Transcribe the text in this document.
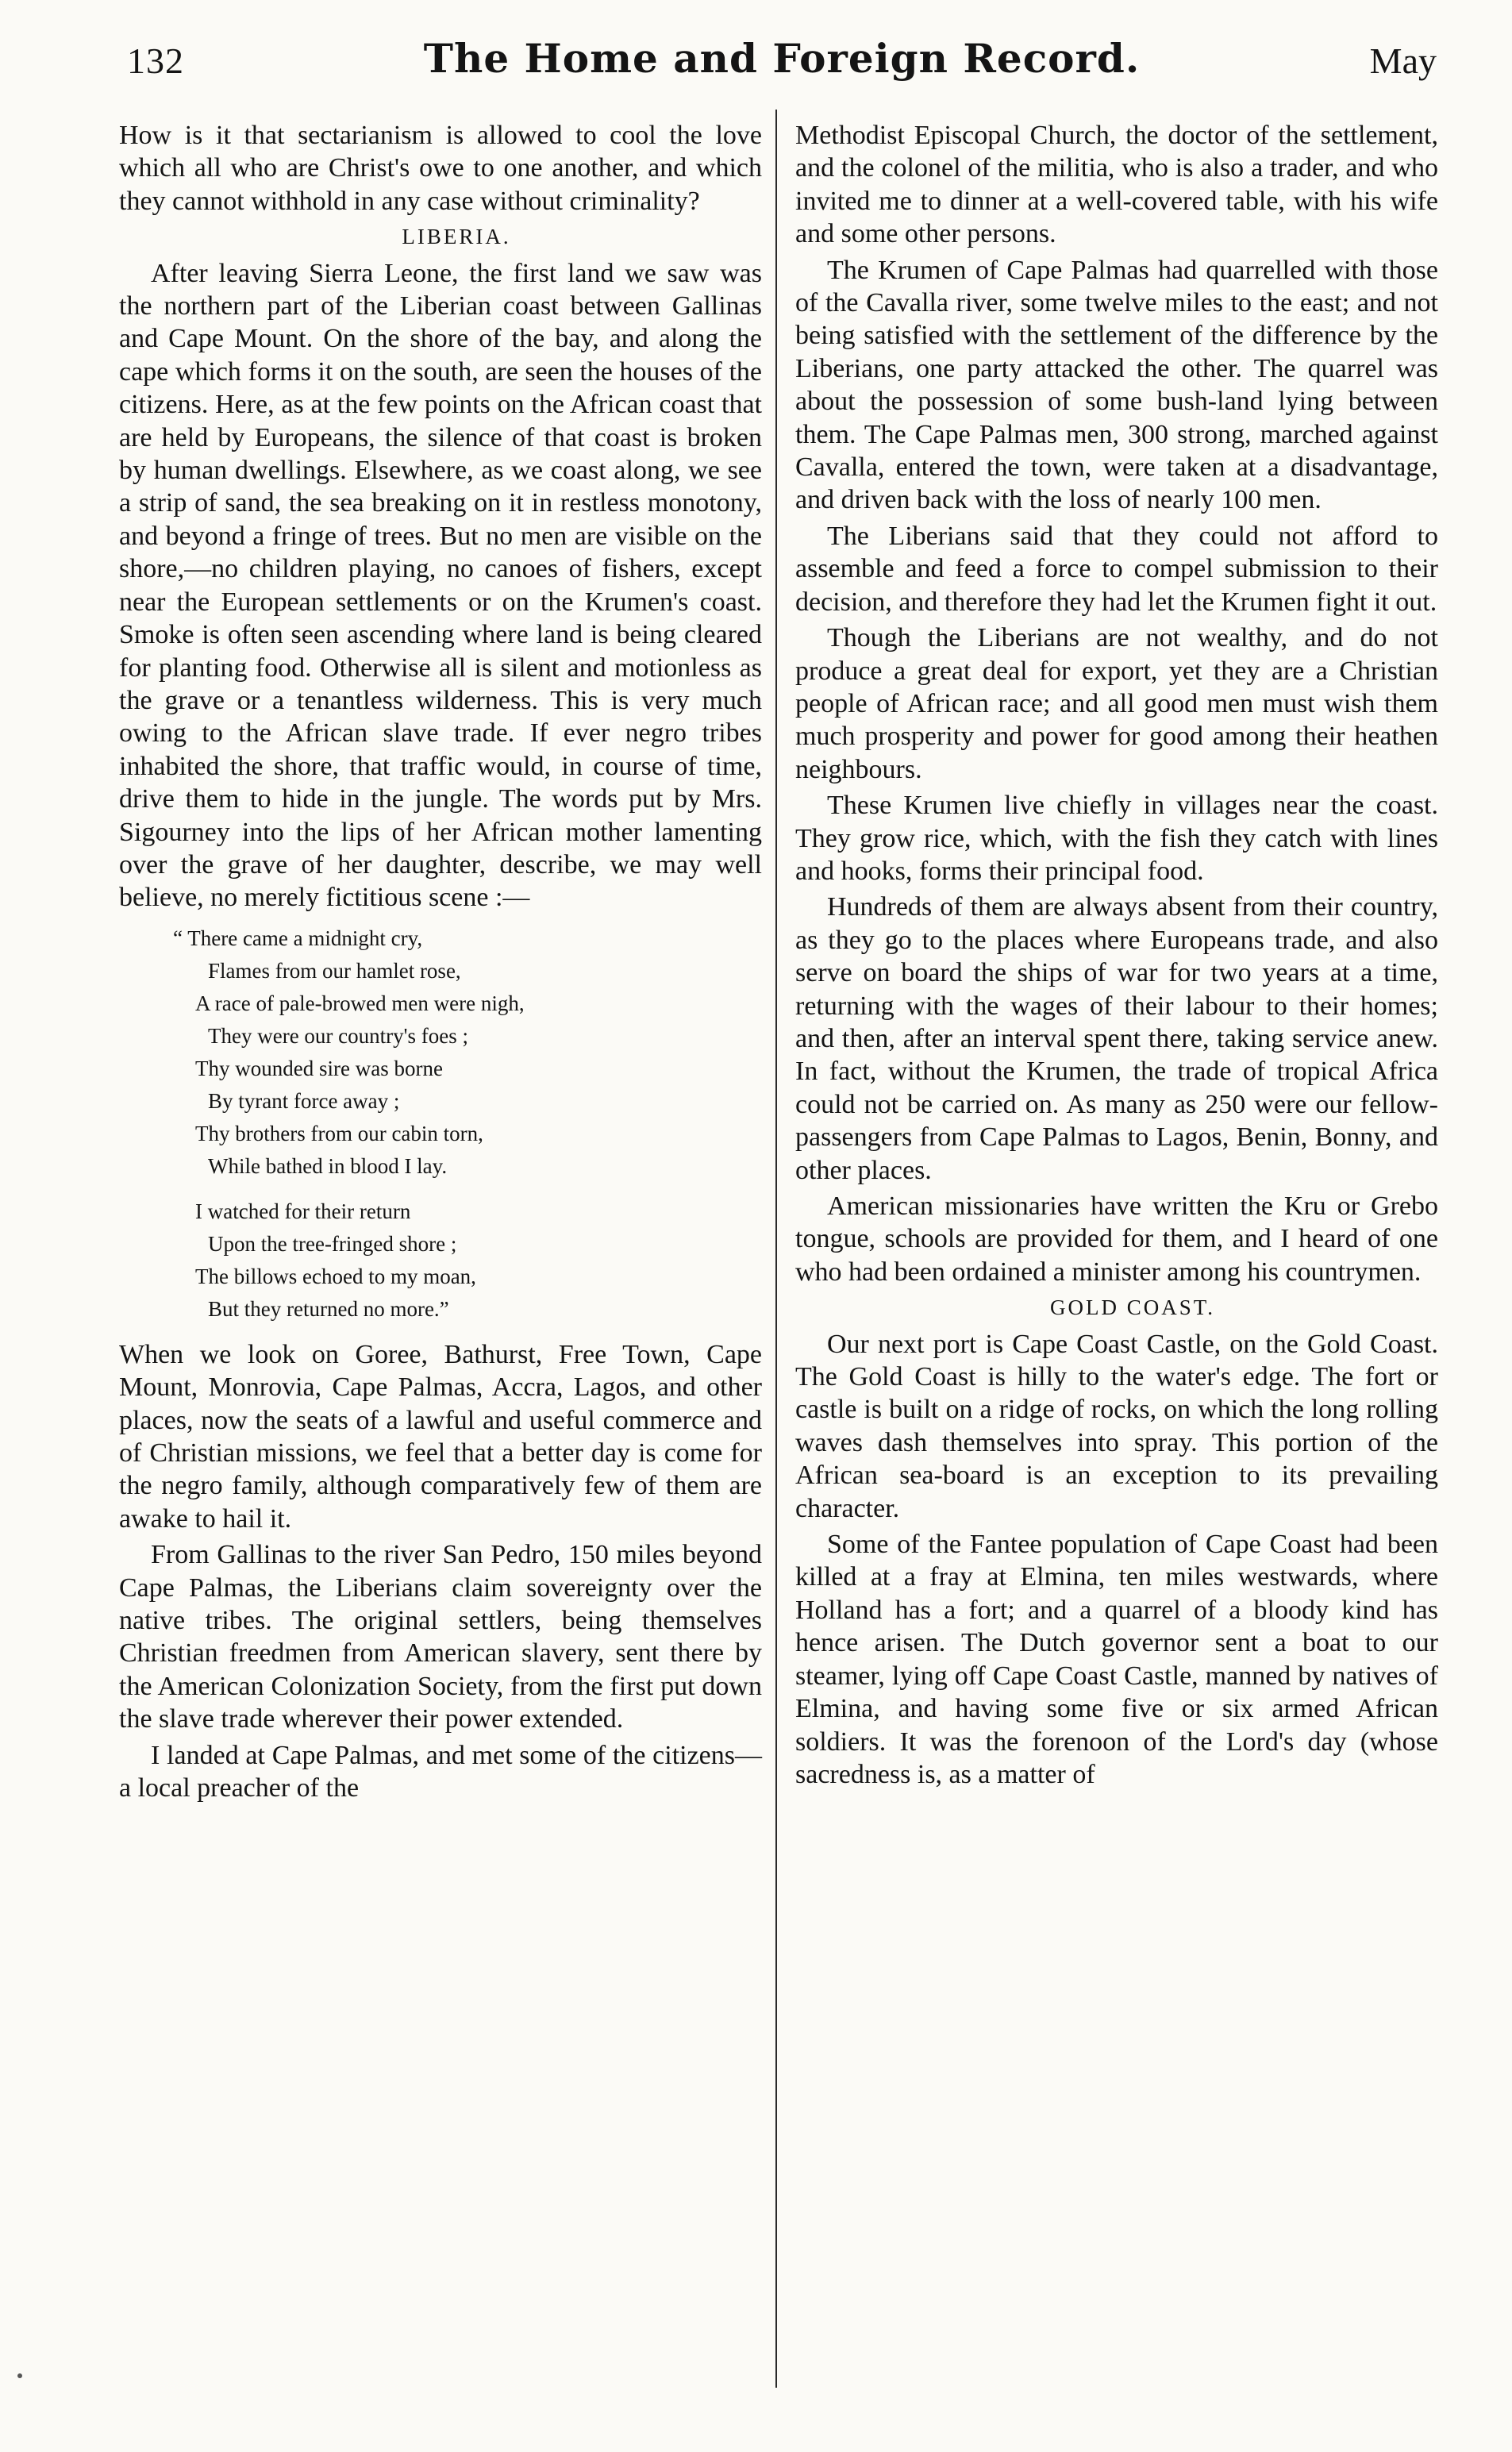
132	The Home and Foreign Record.	May

How is it that sectarianism is allowed to cool the love which all who are Christ's owe to one another, and which they cannot withhold in any case without criminality?

LIBERIA.

After leaving Sierra Leone, the first land we saw was the northern part of the Liberian coast between Gallinas and Cape Mount. On the shore of the bay, and along the cape which forms it on the south, are seen the houses of the citizens. Here, as at the few points on the African coast that are held by Europeans, the silence of that coast is broken by human dwellings. Elsewhere, as we coast along, we see a strip of sand, the sea breaking on it in restless monotony, and beyond a fringe of trees. But no men are visible on the shore,—no children playing, no canoes of fishers, except near the European settlements or on the Krumen's coast. Smoke is often seen ascending where land is being cleared for planting food. Otherwise all is silent and motionless as the grave or a tenantless wilderness. This is very much owing to the African slave trade. If ever negro tribes inhabited the shore, that traffic would, in course of time, drive them to hide in the jungle. The words put by Mrs. Sigourney into the lips of her African mother lamenting over the grave of her daughter, describe, we may well believe, no merely fictitious scene :—

“ There came a midnight cry,
Flames from our hamlet rose,
A race of pale-browed men were nigh,
They were our country's foes ;
Thy wounded sire was borne
By tyrant force away ;
Thy brothers from our cabin torn,
While bathed in blood I lay.
I watched for their return
Upon the tree-fringed shore ;
The billows echoed to my moan,
But they returned no more.”

When we look on Goree, Bathurst, Free Town, Cape Mount, Monrovia, Cape Palmas, Accra, Lagos, and other places, now the seats of a lawful and useful commerce and of Christian missions, we feel that a better day is come for the negro family, although comparatively few of them are awake to hail it.

From Gallinas to the river San Pedro, 150 miles beyond Cape Palmas, the Liberians claim sovereignty over the native tribes. The original settlers, being themselves Christian freedmen from American slavery, sent there by the American Colonization Society, from the first put down the slave trade wherever their power extended.

I landed at Cape Palmas, and met some of the citizens—a local preacher of the

Methodist Episcopal Church, the doctor of the settlement, and the colonel of the militia, who is also a trader, and who invited me to dinner at a well-covered table, with his wife and some other persons.

The Krumen of Cape Palmas had quarrelled with those of the Cavalla river, some twelve miles to the east; and not being satisfied with the settlement of the difference by the Liberians, one party attacked the other. The quarrel was about the possession of some bush-land lying between them. The Cape Palmas men, 300 strong, marched against Cavalla, entered the town, were taken at a disadvantage, and driven back with the loss of nearly 100 men.

The Liberians said that they could not afford to assemble and feed a force to compel submission to their decision, and therefore they had let the Krumen fight it out.

Though the Liberians are not wealthy, and do not produce a great deal for export, yet they are a Christian people of African race; and all good men must wish them much prosperity and power for good among their heathen neighbours.

These Krumen live chiefly in villages near the coast. They grow rice, which, with the fish they catch with lines and hooks, forms their principal food.

Hundreds of them are always absent from their country, as they go to the places where Europeans trade, and also serve on board the ships of war for two years at a time, returning with the wages of their labour to their homes; and then, after an interval spent there, taking service anew. In fact, without the Krumen, the trade of tropical Africa could not be carried on. As many as 250 were our fellow-passengers from Cape Palmas to Lagos, Benin, Bonny, and other places.

American missionaries have written the Kru or Grebo tongue, schools are provided for them, and I heard of one who had been ordained a minister among his countrymen.

GOLD COAST.

Our next port is Cape Coast Castle, on the Gold Coast. The Gold Coast is hilly to the water's edge. The fort or castle is built on a ridge of rocks, on which the long rolling waves dash themselves into spray. This portion of the African sea-board is an exception to its prevailing character.

Some of the Fantee population of Cape Coast had been killed at a fray at Elmina, ten miles westwards, where Holland has a fort; and a quarrel of a bloody kind has hence arisen. The Dutch governor sent a boat to our steamer, lying off Cape Coast Castle, manned by natives of Elmina, and having some five or six armed African soldiers. It was the forenoon of the Lord's day (whose sacredness is, as a matter of
